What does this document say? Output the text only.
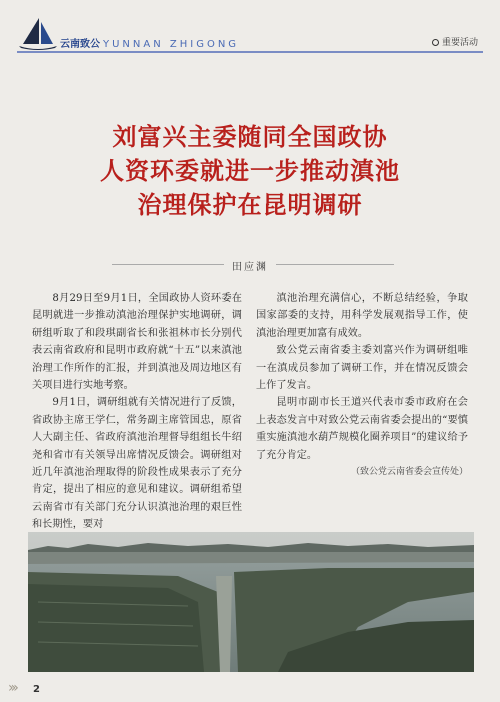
云南致公 YUNNAN ZHIGONG	重要活动
刘富兴主委随同全国政协
人资环委就进一步推动滇池
治理保护在昆明调研
田应渊

8月29日至9月1日，全国政协人资环委在昆明就进一步推动滇池治理保护实地调研，调研组听取了和段琪副省长和张祖林市长分别代表云南省政府和昆明市政府就“十五”以来滇池治理工作所作的汇报，并到滇池及周边地区有关项目进行实地考察。

9月1日，调研组就有关情况进行了反馈，省政协主席王学仁，常务副主席管国忠，原省人大副主任、省政府滇池治理督导组组长牛绍尧和省市有关领导出席情况反馈会。调研组对近几年滇池治理取得的阶段性成果表示了充分肯定，提出了相应的意见和建议。调研组希望云南省市有关部门充分认识滇池治理的艰巨性和长期性，要对

滇池治理充满信心，不断总结经验，争取国家部委的支持，用科学发展观指导工作，使滇池治理更加富有成效。

致公党云南省委主委刘富兴作为调研组唯一在滇成员参加了调研工作，并在情况反馈会上作了发言。

昆明市副市长王道兴代表市委市政府在会上表态发言中对致公党云南省委会提出的“要慎重实施滇池水葫芦规模化圈养项目”的建议给予了充分肯定。

（致公党云南省委会宣传处）

››› 2
